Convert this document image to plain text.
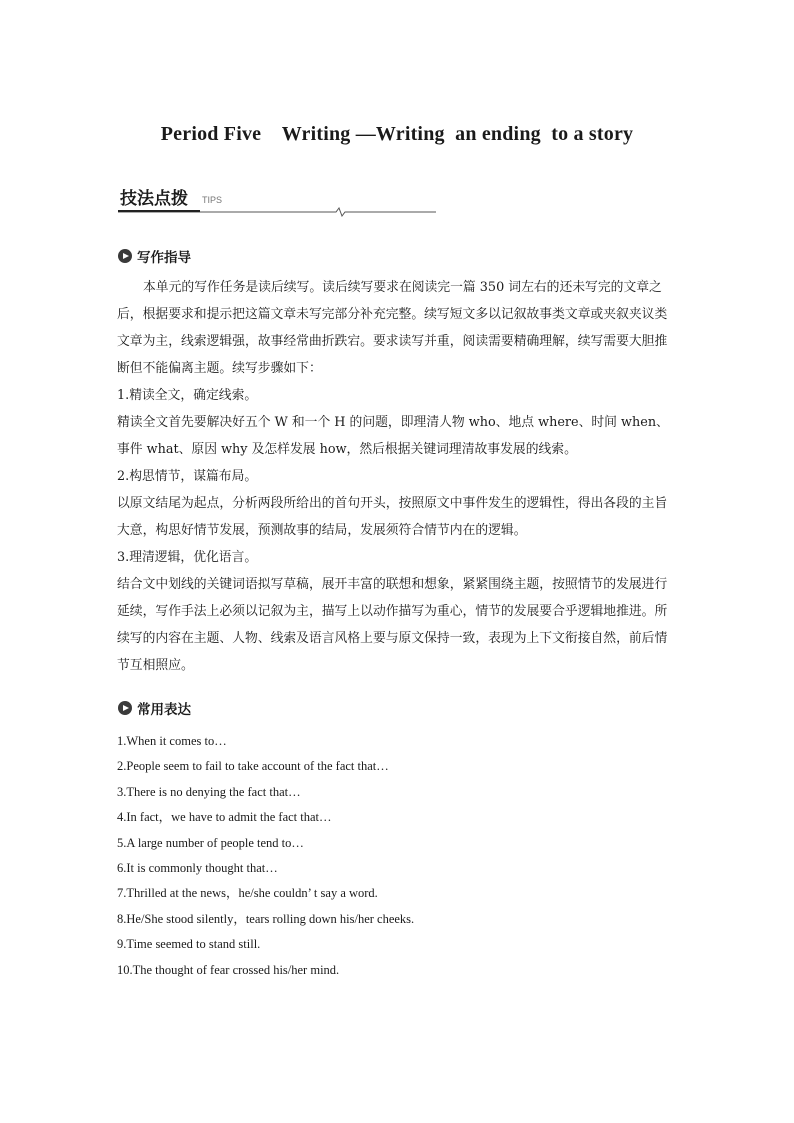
Period Five    Writing —Writing  an ending  to a story
技法点拨 TIPS
写作指导

本单元的写作任务是读后续写。读后续写要求在阅读完一篇 350 词左右的还未写完的文章之后，根据要求和提示把这篇文章未写完部分补充完整。续写短文多以记叙故事类文章或夹叙夹议类文章为主，线索逻辑强，故事经常曲折跌宕。要求读写并重，阅读需要精确理解，续写需要大胆推断但不能偏离主题。续写步骤如下：

1.精读全文，确定线索。

精读全文首先要解决好五个 W 和一个 H 的问题，即理清人物 who、地点 where、时间 when、事件 what、原因 why 及怎样发展 how，然后根据关键词理清故事发展的线索。

2.构思情节，谋篇布局。

以原文结尾为起点，分析两段所给出的首句开头，按照原文中事件发生的逻辑性，得出各段的主旨大意，构思好情节发展，预测故事的结局，发展须符合情节内在的逻辑。

3.理清逻辑，优化语言。

结合文中划线的关键词语拟写草稿，展开丰富的联想和想象，紧紧围绕主题，按照情节的发展进行延续，写作手法上必须以记叙为主，描写上以动作描写为重心，情节的发展要合乎逻辑地推进。所续写的内容在主题、人物、线索及语言风格上要与原文保持一致，表现为上下文衔接自然，前后情节互相照应。

常用表达
1.When it comes to…
2.People seem to fail to take account of the fact that…
3.There is no denying the fact that…
4.In fact，we have to admit the fact that…
5.A large number of people tend to…
6.It is commonly thought that…
7.Thrilled at the news，he/she couldn’ t say a word.
8.He/She stood silently，tears rolling down his/her cheeks.
9.Time seemed to stand still.
10.The thought of fear crossed his/her mind.
